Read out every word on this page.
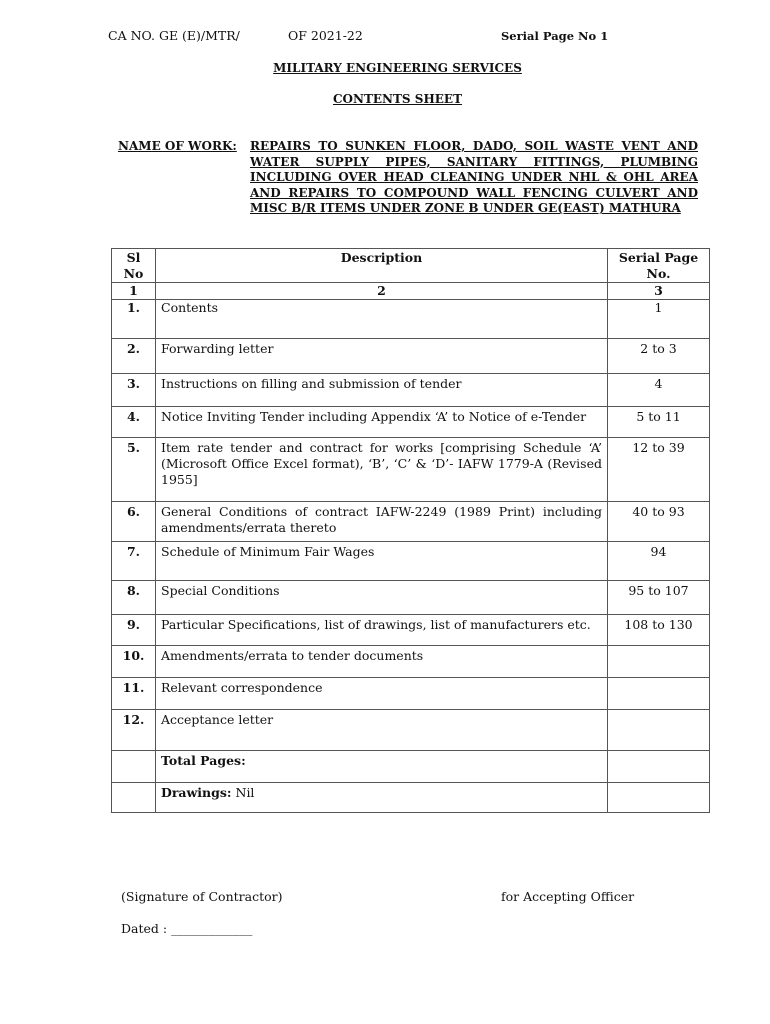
CA NO. GE (E)/MTR/	OF 2021-22	Serial Page No 1
MILITARY ENGINEERING SERVICES
CONTENTS SHEET
NAME OF WORK: REPAIRS TO SUNKEN FLOOR, DADO, SOIL WASTE VENT AND WATER SUPPLY PIPES, SANITARY FITTINGS, PLUMBING INCLUDING OVER HEAD CLEANING UNDER NHL & OHL AREA AND REPAIRS TO COMPOUND WALL FENCING CULVERT AND MISC B/R ITEMS UNDER ZONE B UNDER GE(EAST) MATHURA
Sl No	Description	Serial Page No.
1	2	3
1.	Contents	1
2.	Forwarding letter	2 to 3
3.	Instructions on filling and submission of tender	4
4.	Notice Inviting Tender including Appendix ‘A’ to Notice of e-Tender	5 to 11
5.	Item rate tender and contract for works [comprising Schedule ‘A’ (Microsoft Office Excel format), ‘B’, ‘C’ & ‘D’- IAFW 1779-A (Revised 1955]	12 to 39
6.	General Conditions of contract IAFW-2249 (1989 Print) including amendments/errata thereto	40 to 93
7.	Schedule of Minimum Fair Wages	94
8.	Special Conditions	95 to 107
9.	Particular Specifications, list of drawings, list of manufacturers etc.	108 to 130
10.	Amendments/errata to tender documents	
11.	Relevant correspondence	
12.	Acceptance letter	
	Total Pages:	
	Drawings: Nil	
(Signature of Contractor)	for Accepting Officer
Dated : _____________
